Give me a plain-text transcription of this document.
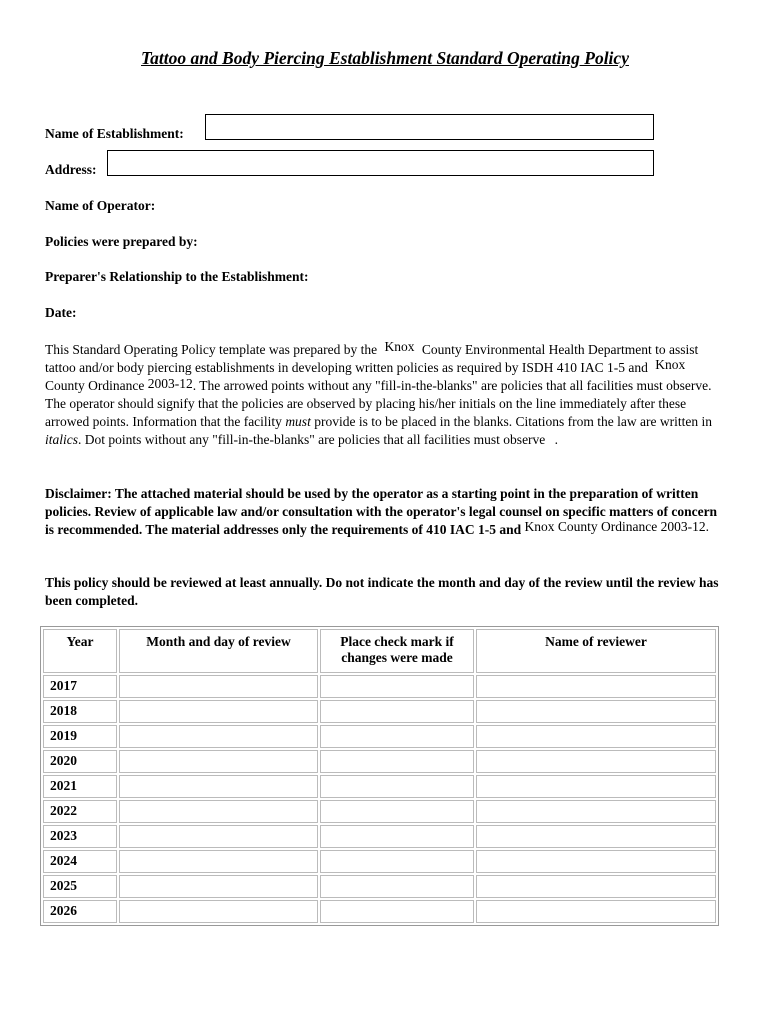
Tattoo and Body Piercing Establishment Standard Operating Policy
Name of Establishment:
Address:
Name of Operator:
Policies were prepared by:
Preparer's Relationship to the Establishment:
Date:
This Standard Operating Policy template was prepared by the Knox County Environmental Health Department to assist tattoo and/or body piercing establishments in developing written policies as required by ISDH 410 IAC 1-5 and Knox County Ordinance 2003-12. The arrowed points without any "fill-in-the-blanks" are policies that all facilities must observe. The operator should signify that the policies are observed by placing his/her initials on the line immediately after these arrowed points. Information that the facility must provide is to be placed in the blanks. Citations from the law are written in italics. Dot points without any "fill-in-the-blanks" are policies that all facilities must observe .
Disclaimer: The attached material should be used by the operator as a starting point in the preparation of written policies. Review of applicable law and/or consultation with the operator's legal counsel on specific matters of concern is recommended. The material addresses only the requirements of 410 IAC 1-5 and Knox County Ordinance 2003-12.
This policy should be reviewed at least annually. Do not indicate the month and day of the review until the review has been completed.
Year	Month and day of review	Place check mark if changes were made	Name of reviewer
2017			
2018			
2019			
2020			
2021			
2022			
2023			
2024			
2025			
2026			
